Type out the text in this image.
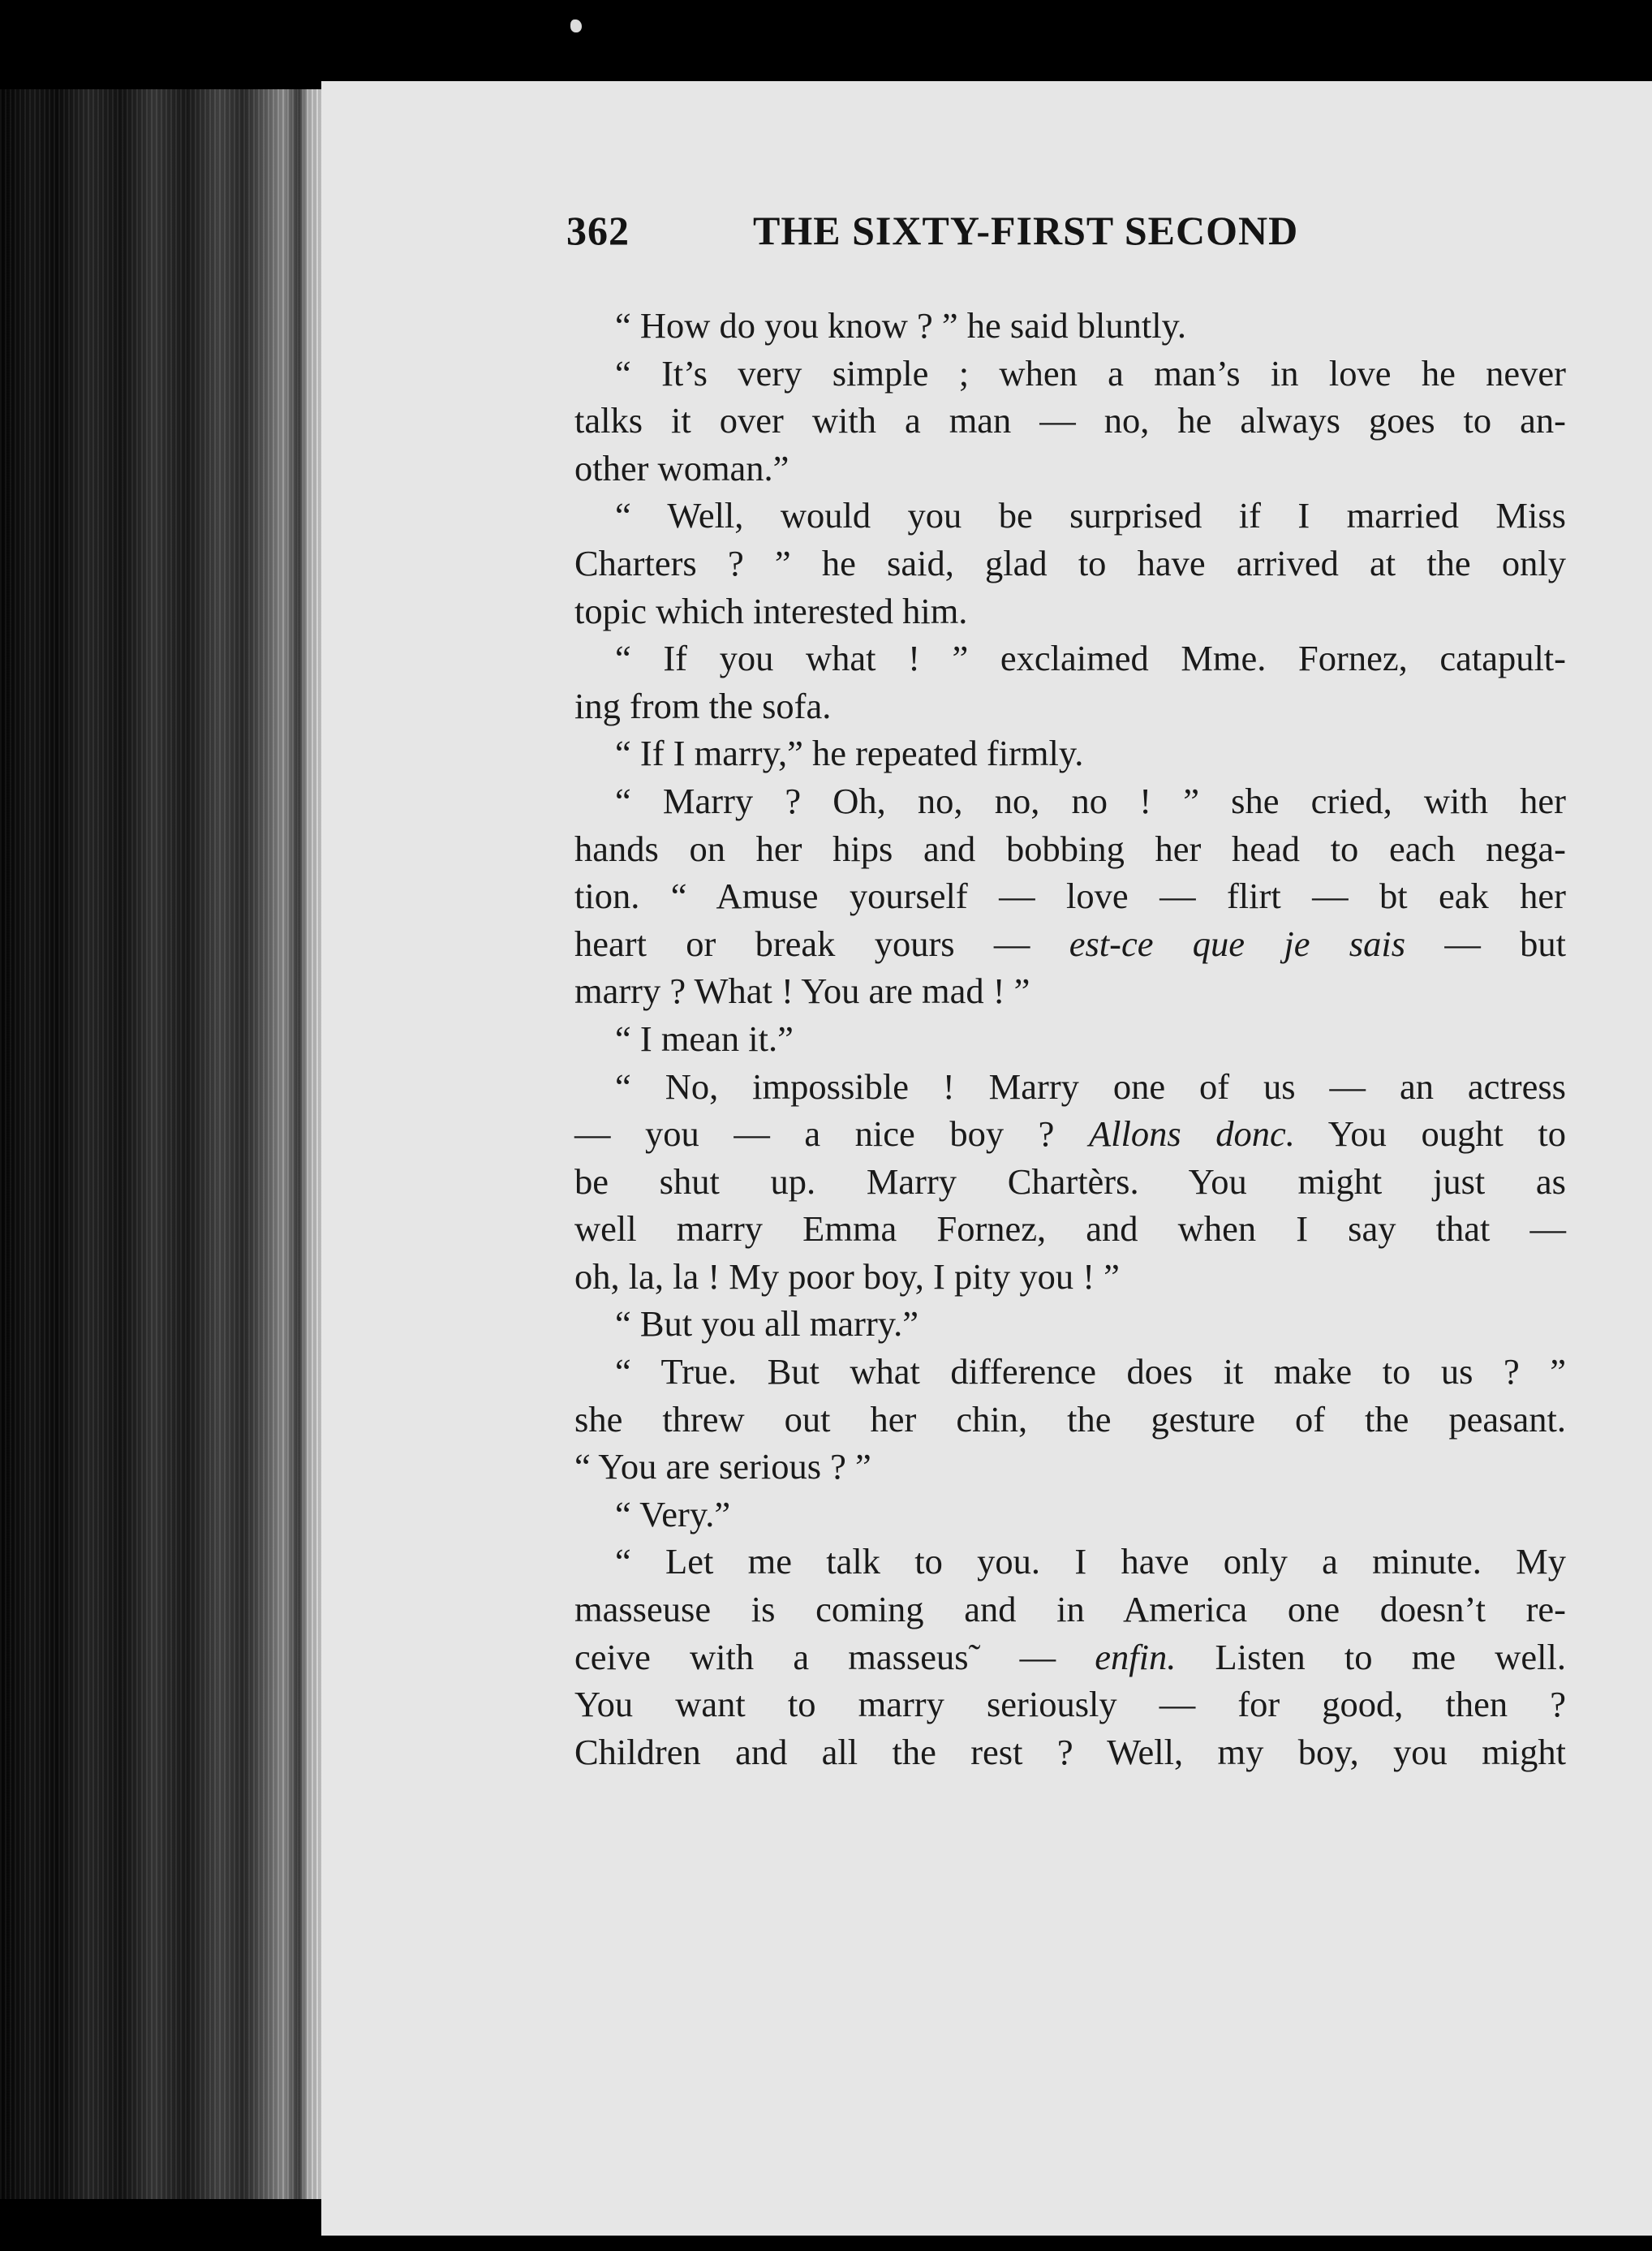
362	THE SIXTY-FIRST SECOND
“ How do you know ? ” he said bluntly.
“ It’s very simple ; when a man’s in love he never
talks it over with a man — no, he always goes to an-
other woman.”
“ Well, would you be surprised if I married Miss
Charters ? ” he said, glad to have arrived at the only
topic which interested him.
“ If you what ! ” exclaimed Mme. Fornez, catapult-
ing from the sofa.
“ If I marry,” he repeated firmly.
“ Marry ? Oh, no, no, no ! ” she cried, with her
hands on her hips and bobbing her head to each nega-
tion. “ Amuse yourself — love — flirt — bt eak her
heart or break yours — est-ce que je sais — but
marry ? What ! You are mad ! ”
“ I mean it.”
“ No, impossible ! Marry one of us — an actress
— you — a nice boy ? Allons donc. You ought to
be shut up. Marry Chartèrs. You might just as
well marry Emma Fornez, and when I say that —
oh, la, la ! My poor boy, I pity you ! ”
“ But you all marry.”
“ True. But what difference does it make to us ? ”
she threw out her chin, the gesture of the peasant.
“ You are serious ? ”
“ Very.”
“ Let me talk to you. I have only a minute. My
masseuse is coming and in America one doesn’t re-
ceive with a masseus˜ — enfin. Listen to me well.
You want to marry seriously — for good, then ?
Children and all the rest ? Well, my boy, you might
